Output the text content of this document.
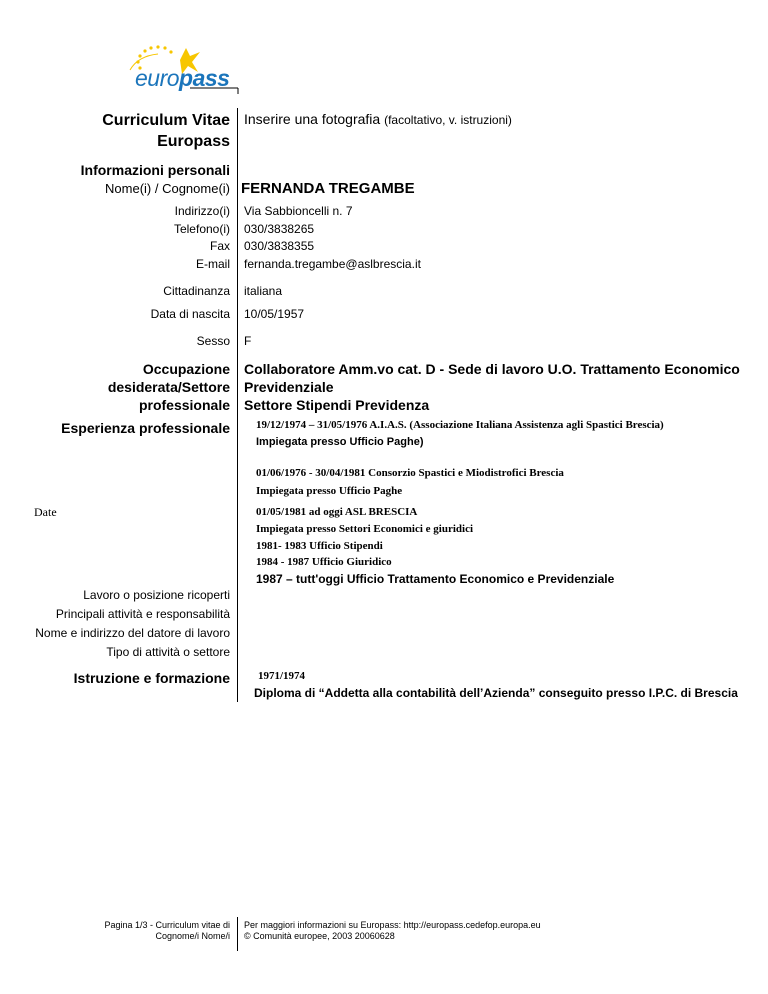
europass
Curriculum Vitae
Europass
Inserire una fotografia (facoltativo, v. istruzioni)
Informazioni personali
Nome(i) / Cognome(i) FERNANDA TREGAMBE
Indirizzo(i) Via Sabbioncelli n. 7
Telefono(i) 030/3838265
Fax 030/3838355
E-mail fernanda.tregambe@aslbrescia.it
Cittadinanza italiana
Data di nascita 10/05/1957
Sesso F
Occupazione
desiderata/Settore
professionale
Collaboratore Amm.vo cat. D - Sede di lavoro U.O. Trattamento Economico
Previdenziale
Settore Stipendi Previdenza
Esperienza professionale 19/12/1974 – 31/05/1976 A.I.A.S. (Associazione Italiana Assistenza agli Spastici Brescia)
Impiegata presso Ufficio Paghe)
01/06/1976 - 30/04/1981 Consorzio Spastici e Miodistrofici Brescia
Impiegata presso Ufficio Paghe
Date	01/05/1981 ad oggi ASL BRESCIA
Impiegata presso Settori Economici e giuridici
1981- 1983 Ufficio Stipendi
1984 - 1987 Ufficio Giuridico
1987 – tutt'oggi Ufficio Trattamento Economico e Previdenziale
Lavoro o posizione ricoperti
Principali attività e responsabilità
Nome e indirizzo del datore di lavoro
Tipo di attività o settore
Istruzione e formazione	1971/1974
Diploma di “Addetta alla contabilità dell’Azienda” conseguito presso I.P.C. di Brescia
Pagina 1/3 - Curriculum vitae di
Cognome/i Nome/i
Per maggiori informazioni su Europass: http://europass.cedefop.europa.eu
© Comunità europee, 2003 20060628
